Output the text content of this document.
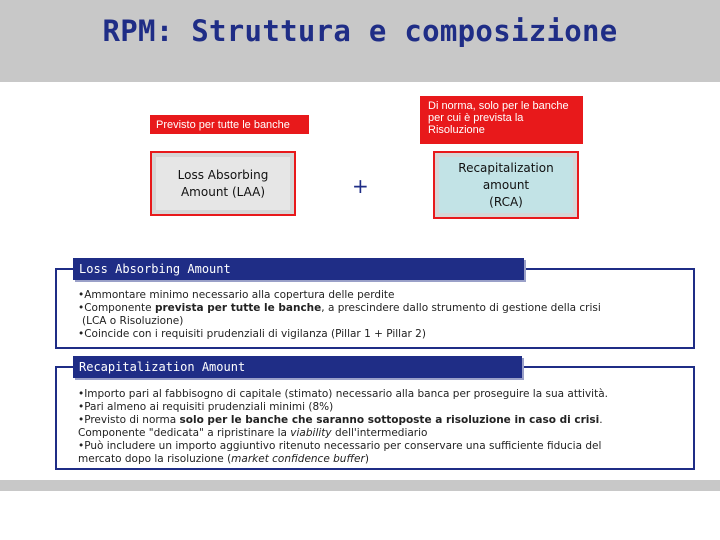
RPM: Struttura e composizione
Previsto per tutte le banche
Di norma, solo per le banche per cui è prevista la Risoluzione
Loss Absorbing
Amount (LAA)	+
Recapitalization
amount
(RCA)
Loss Absorbing Amount
•Ammontare minimo necessario alla copertura delle perdite
•Componente prevista per tutte le banche, a prescindere dallo strumento di gestione della crisi
(LCA o Risoluzione)
•Coincide con i requisiti prudenziali di vigilanza (Pillar 1 + Pillar 2)
Recapitalization Amount
•Importo pari al fabbisogno di capitale (stimato) necessario alla banca per proseguire la sua attività.
•Pari almeno ai requisiti prudenziali minimi (8%)
•Previsto di norma solo per le banche che saranno sottoposte a risoluzione in caso di crisi.
Componente "dedicata" a ripristinare la viability dell'intermediario
•Può includere un importo aggiuntivo ritenuto necessario per conservare una sufficiente fiducia del
mercato dopo la risoluzione (market confidence buffer)
